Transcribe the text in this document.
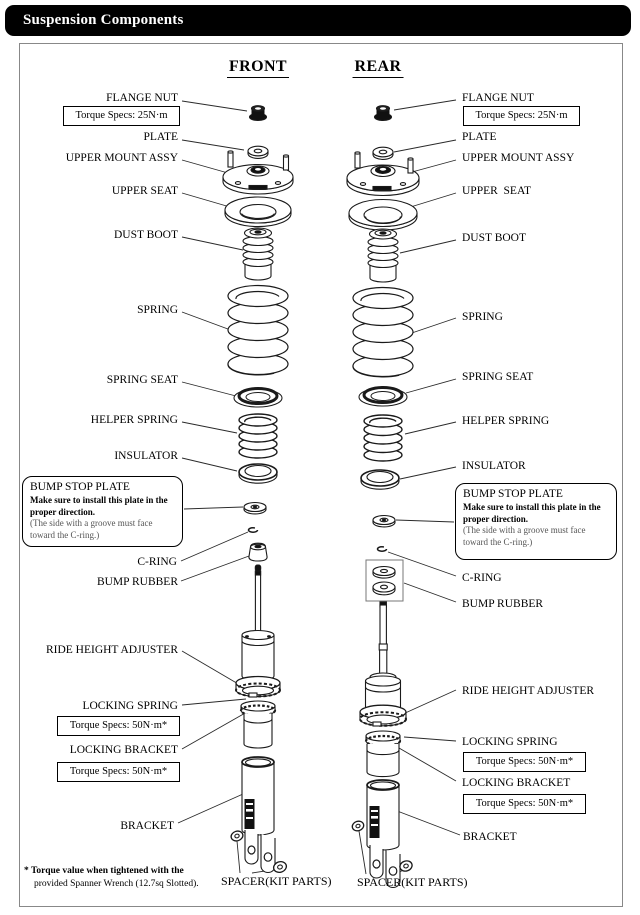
Suspension Components
FRONT	REAR
FLANGE NUT
Torque Specs: 25N·m
PLATE
UPPER MOUNT ASSY
UPPER SEAT
DUST BOOT
SPRING
SPRING SEAT
HELPER SPRING
INSULATOR
BUMP STOP PLATE
Make sure to install this plate in the proper direction.
(The side with a groove must face toward the C-ring.)
C-RING
BUMP RUBBER
RIDE HEIGHT ADJUSTER
LOCKING SPRING
Torque Specs: 50N·m*
LOCKING BRACKET
Torque Specs: 50N·m*
BRACKET
SPACER(KIT PARTS)
* Torque value when tightened with the
provided Spanner Wrench (12.7sq Slotted).
FLANGE NUT
Torque Specs: 25N·m
PLATE
UPPER MOUNT ASSY
UPPER  SEAT
DUST BOOT
SPRING
SPRING SEAT
HELPER SPRING
INSULATOR
BUMP STOP PLATE
Make sure to install this plate in the proper direction.
(The side with a groove must face toward the C-ring.)
C-RING
BUMP RUBBER
RIDE HEIGHT ADJUSTER
LOCKING SPRING
Torque Specs: 50N·m*
LOCKING BRACKET
Torque Specs: 50N·m*
BRACKET
SPACER(KIT PARTS)
